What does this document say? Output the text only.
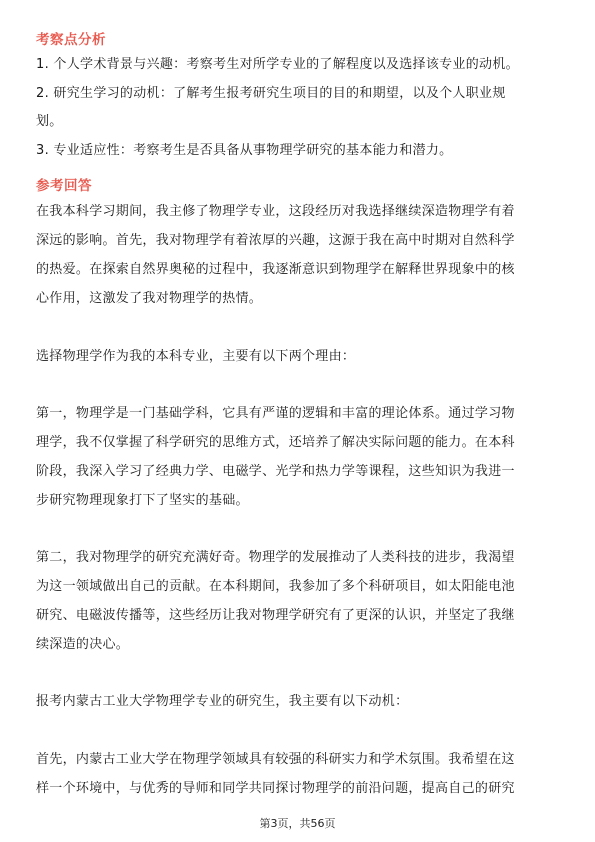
考察点分析
1. 个人学术背景与兴趣：考察考生对所学专业的了解程度以及选择该专业的动机。
2. 研究生学习的动机：了解考生报考研究生项目的目的和期望，以及个人职业规
划。
3. 专业适应性：考察考生是否具备从事物理学研究的基本能力和潜力。
参考回答
在我本科学习期间，我主修了物理学专业，这段经历对我选择继续深造物理学有着
深远的影响。首先，我对物理学有着浓厚的兴趣，这源于我在高中时期对自然科学
的热爱。在探索自然界奥秘的过程中，我逐渐意识到物理学在解释世界现象中的核
心作用，这激发了我对物理学的热情。
选择物理学作为我的本科专业，主要有以下两个理由：
第一，物理学是一门基础学科，它具有严谨的逻辑和丰富的理论体系。通过学习物
理学，我不仅掌握了科学研究的思维方式，还培养了解决实际问题的能力。在本科
阶段，我深入学习了经典力学、电磁学、光学和热力学等课程，这些知识为我进一
步研究物理现象打下了坚实的基础。
第二，我对物理学的研究充满好奇。物理学的发展推动了人类科技的进步，我渴望
为这一领域做出自己的贡献。在本科期间，我参加了多个科研项目，如太阳能电池
研究、电磁波传播等，这些经历让我对物理学研究有了更深的认识，并坚定了我继
续深造的决心。
报考内蒙古工业大学物理学专业的研究生，我主要有以下动机：
首先，内蒙古工业大学在物理学领域具有较强的科研实力和学术氛围。我希望在这
样一个环境中，与优秀的导师和同学共同探讨物理学的前沿问题，提高自己的研究
第3页，共56页
